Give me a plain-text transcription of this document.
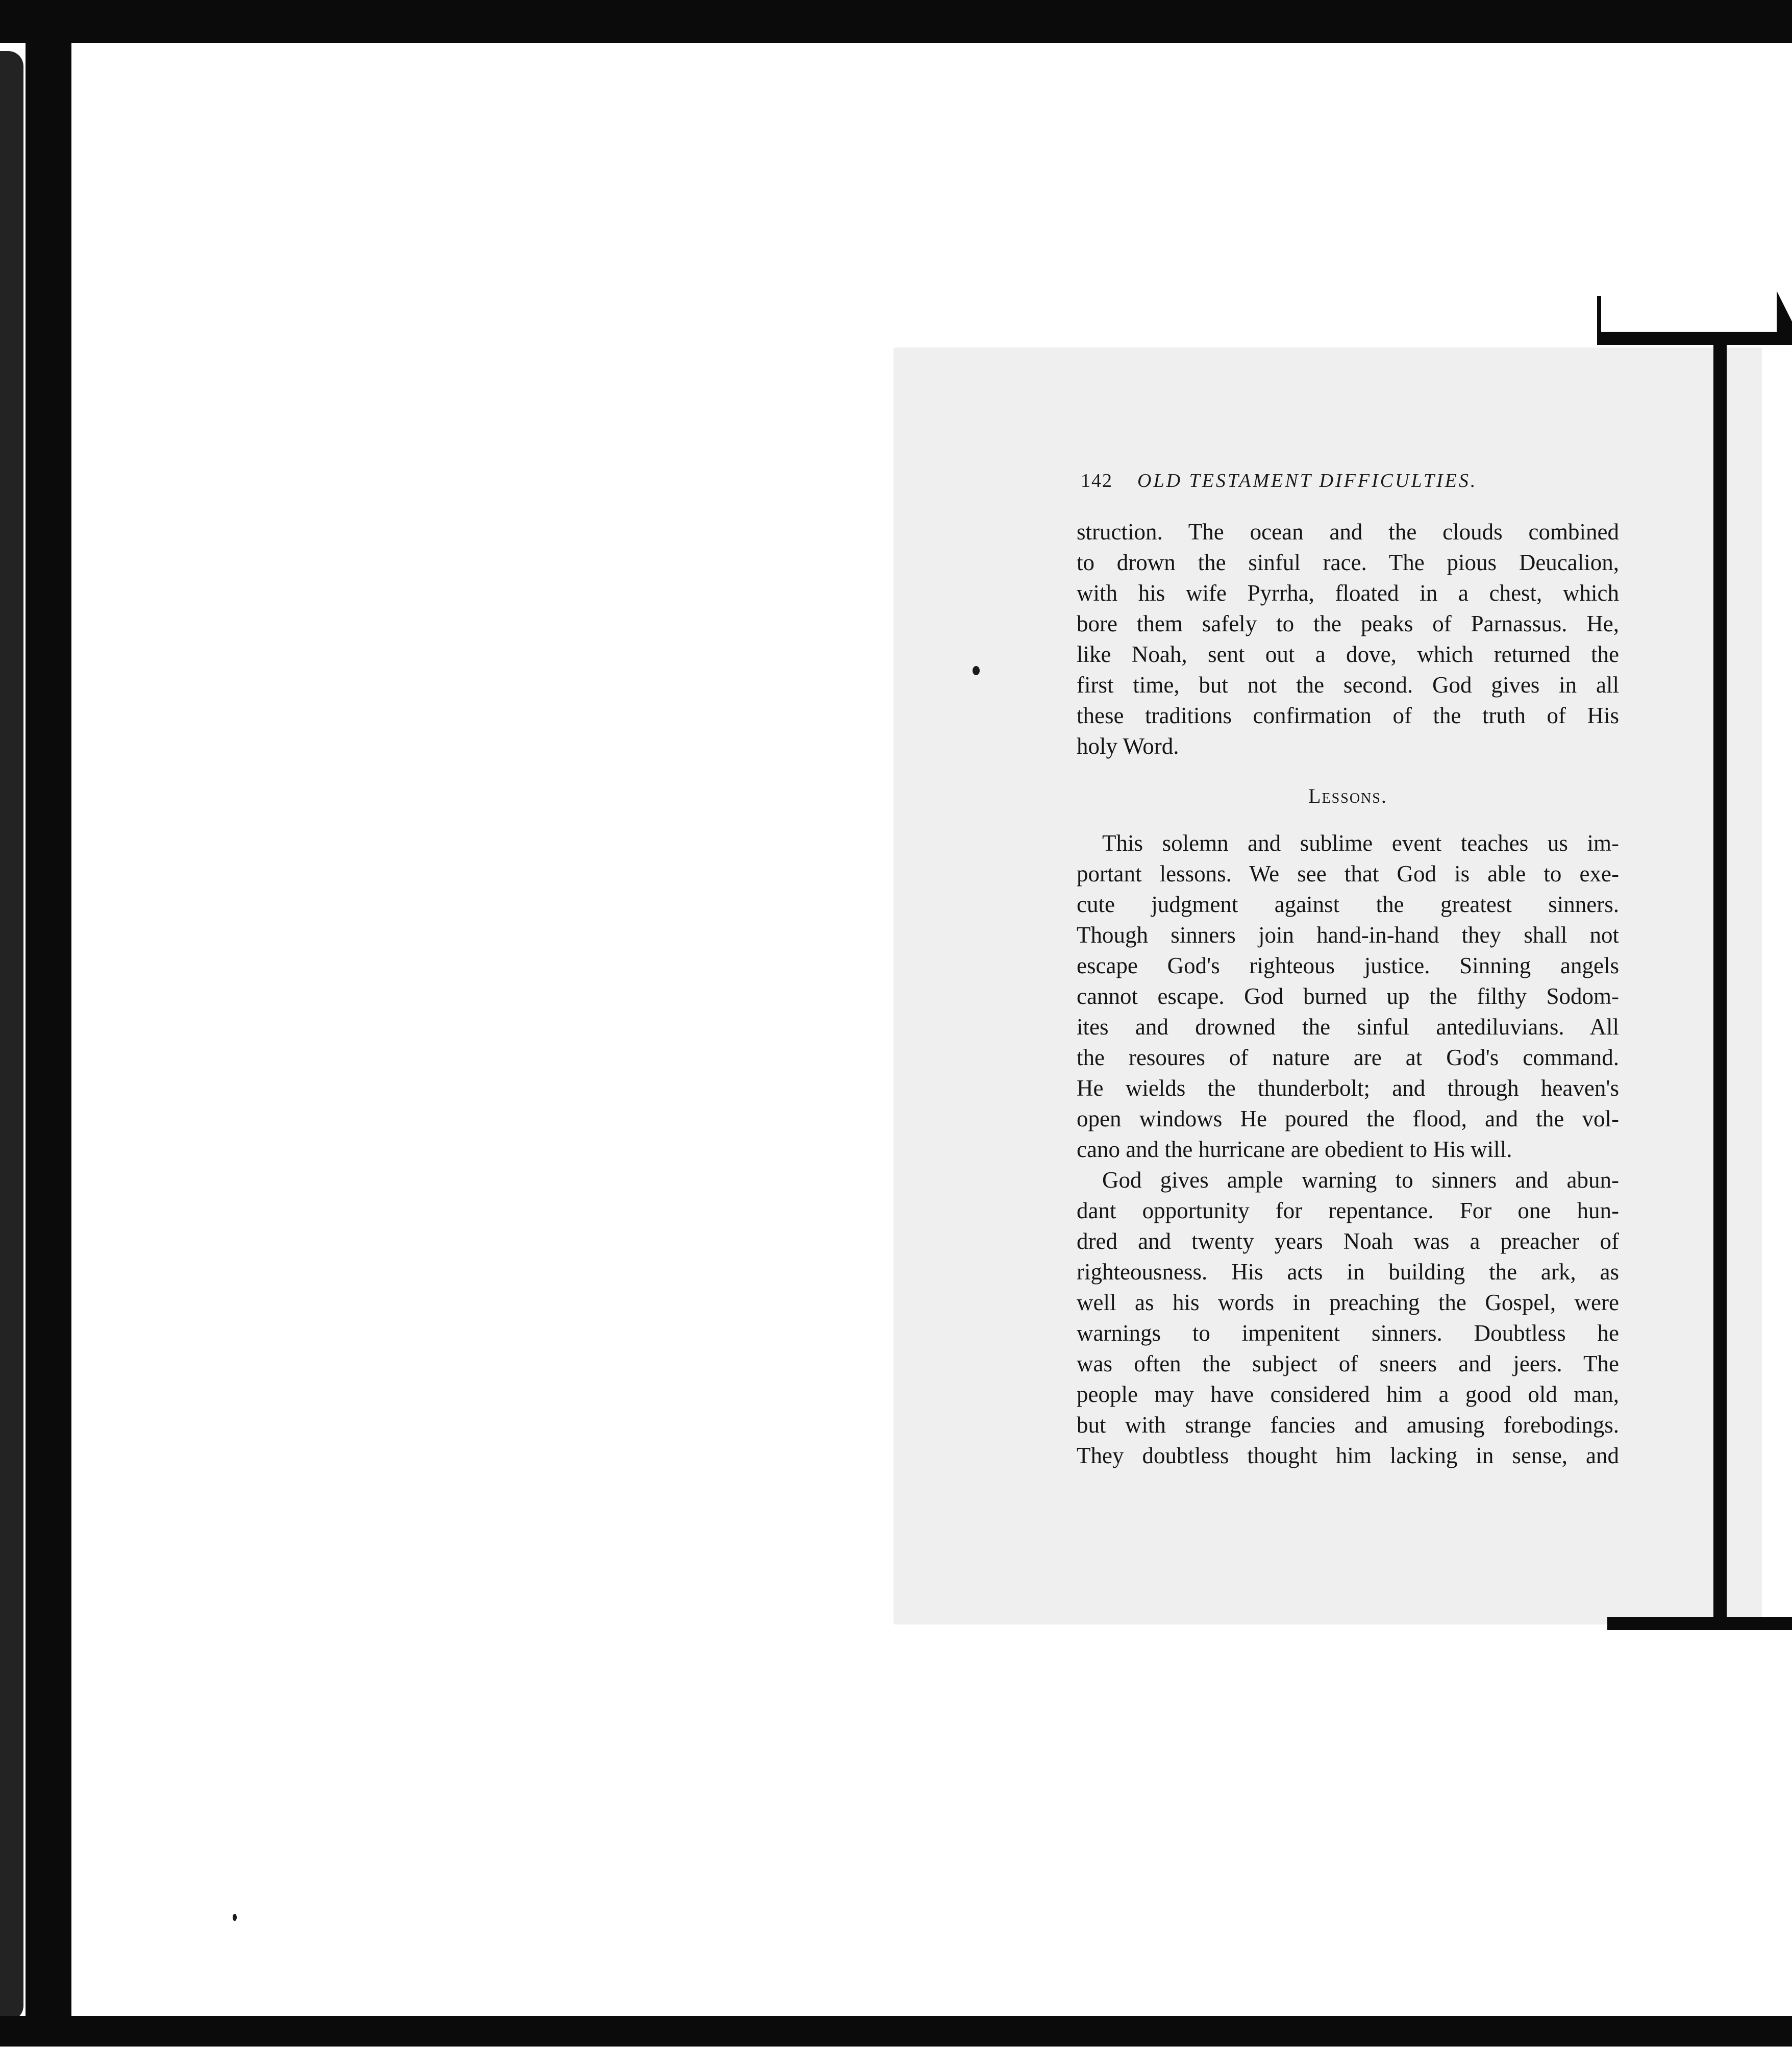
142 OLD TESTAMENT DIFFICULTIES.

struction. The ocean and the clouds combined

to drown the sinful race. The pious Deucalion,

with his wife Pyrrha, floated in a chest, which

bore them safely to the peaks of Parnassus. He,

like Noah, sent out a dove, which returned the

first time, but not the second. God gives in all

these traditions confirmation of the truth of His

holy Word.

Lessons.

This solemn and sublime event teaches us im-

portant lessons. We see that God is able to exe-

cute judgment against the greatest sinners.

Though sinners join hand-in-hand they shall not

escape God's righteous justice. Sinning angels

cannot escape. God burned up the filthy Sodom-

ites and drowned the sinful antediluvians. All

the resoures of nature are at God's command.

He wields the thunderbolt; and through heaven's

open windows He poured the flood, and the vol-

cano and the hurricane are obedient to His will.

God gives ample warning to sinners and abun-

dant opportunity for repentance. For one hun-

dred and twenty years Noah was a preacher of

righteousness. His acts in building the ark, as

well as his words in preaching the Gospel, were

warnings to impenitent sinners. Doubtless he

was often the subject of sneers and jeers. The

people may have considered him a good old man,

but with strange fancies and amusing forebodings.

They doubtless thought him lacking in sense, and
